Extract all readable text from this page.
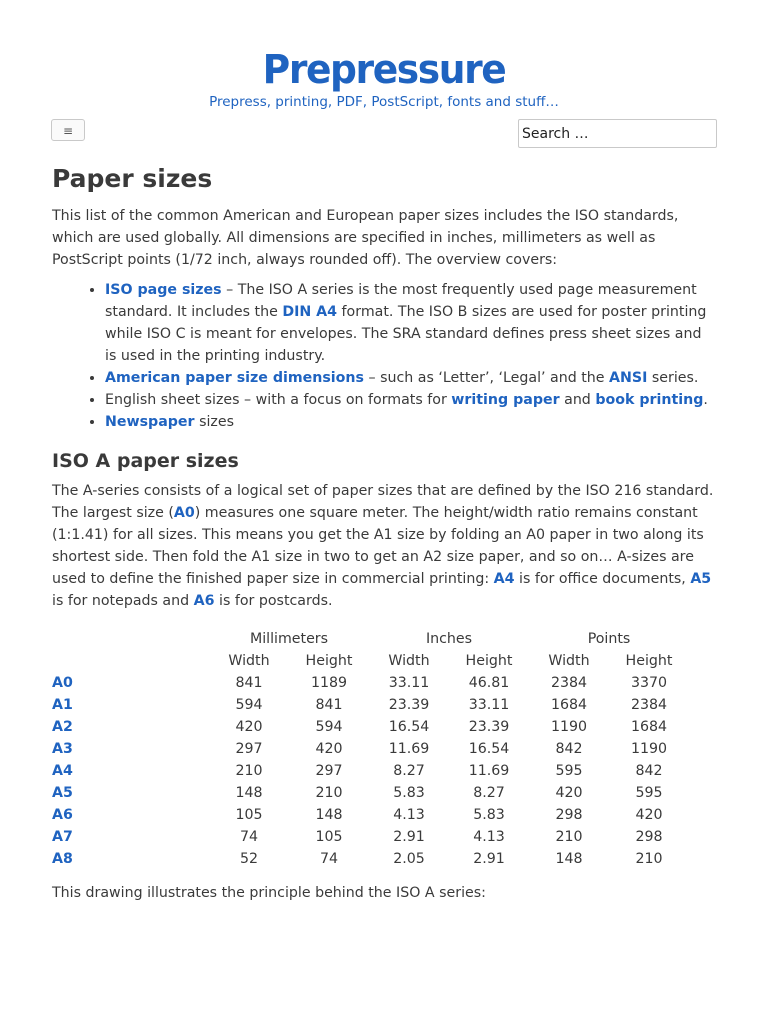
Prepressure
Prepress, printing, PDF, PostScript, fonts and stuff…
≡
Search …
Paper sizes

This list of the common American and European paper sizes includes the ISO standards, which are used globally. All dimensions are specified in inches, millimeters as well as PostScript points (1/72 inch, always rounded off). The overview covers:

• ISO page sizes – The ISO A series is the most frequently used page measurement standard. It includes the DIN A4 format. The ISO B sizes are used for poster printing while ISO C is meant for envelopes. The SRA standard defines press sheet sizes and is used in the printing industry.
• American paper size dimensions – such as ‘Letter’, ‘Legal’ and the ANSI series.
• English sheet sizes – with a focus on formats for writing paper and book printing.
• Newspaper sizes
ISO A paper sizes

The A-series consists of a logical set of paper sizes that are defined by the ISO 216 standard. The largest size (A0) measures one square meter. The height/width ratio remains constant (1:1.41) for all sizes. This means you get the A1 size by folding an A0 paper in two along its shortest side. Then fold the A1 size in two to get an A2 size paper, and so on… A-sizes are used to define the finished paper size in commercial printing: A4 is for office documents, A5 is for notepads and A6 is for postcards.

	Millimeters		Inches		Points	
	Width	Height	Width	Height	Width	Height
A0	841	1189	33.11	46.81	2384	3370
A1	594	841	23.39	33.11	1684	2384
A2	420	594	16.54	23.39	1190	1684
A3	297	420	11.69	16.54	842	1190
A4	210	297	8.27	11.69	595	842
A5	148	210	5.83	8.27	420	595
A6	105	148	4.13	5.83	298	420
A7	74	105	2.91	4.13	210	298
A8	52	74	2.05	2.91	148	210

This drawing illustrates the principle behind the ISO A series:
